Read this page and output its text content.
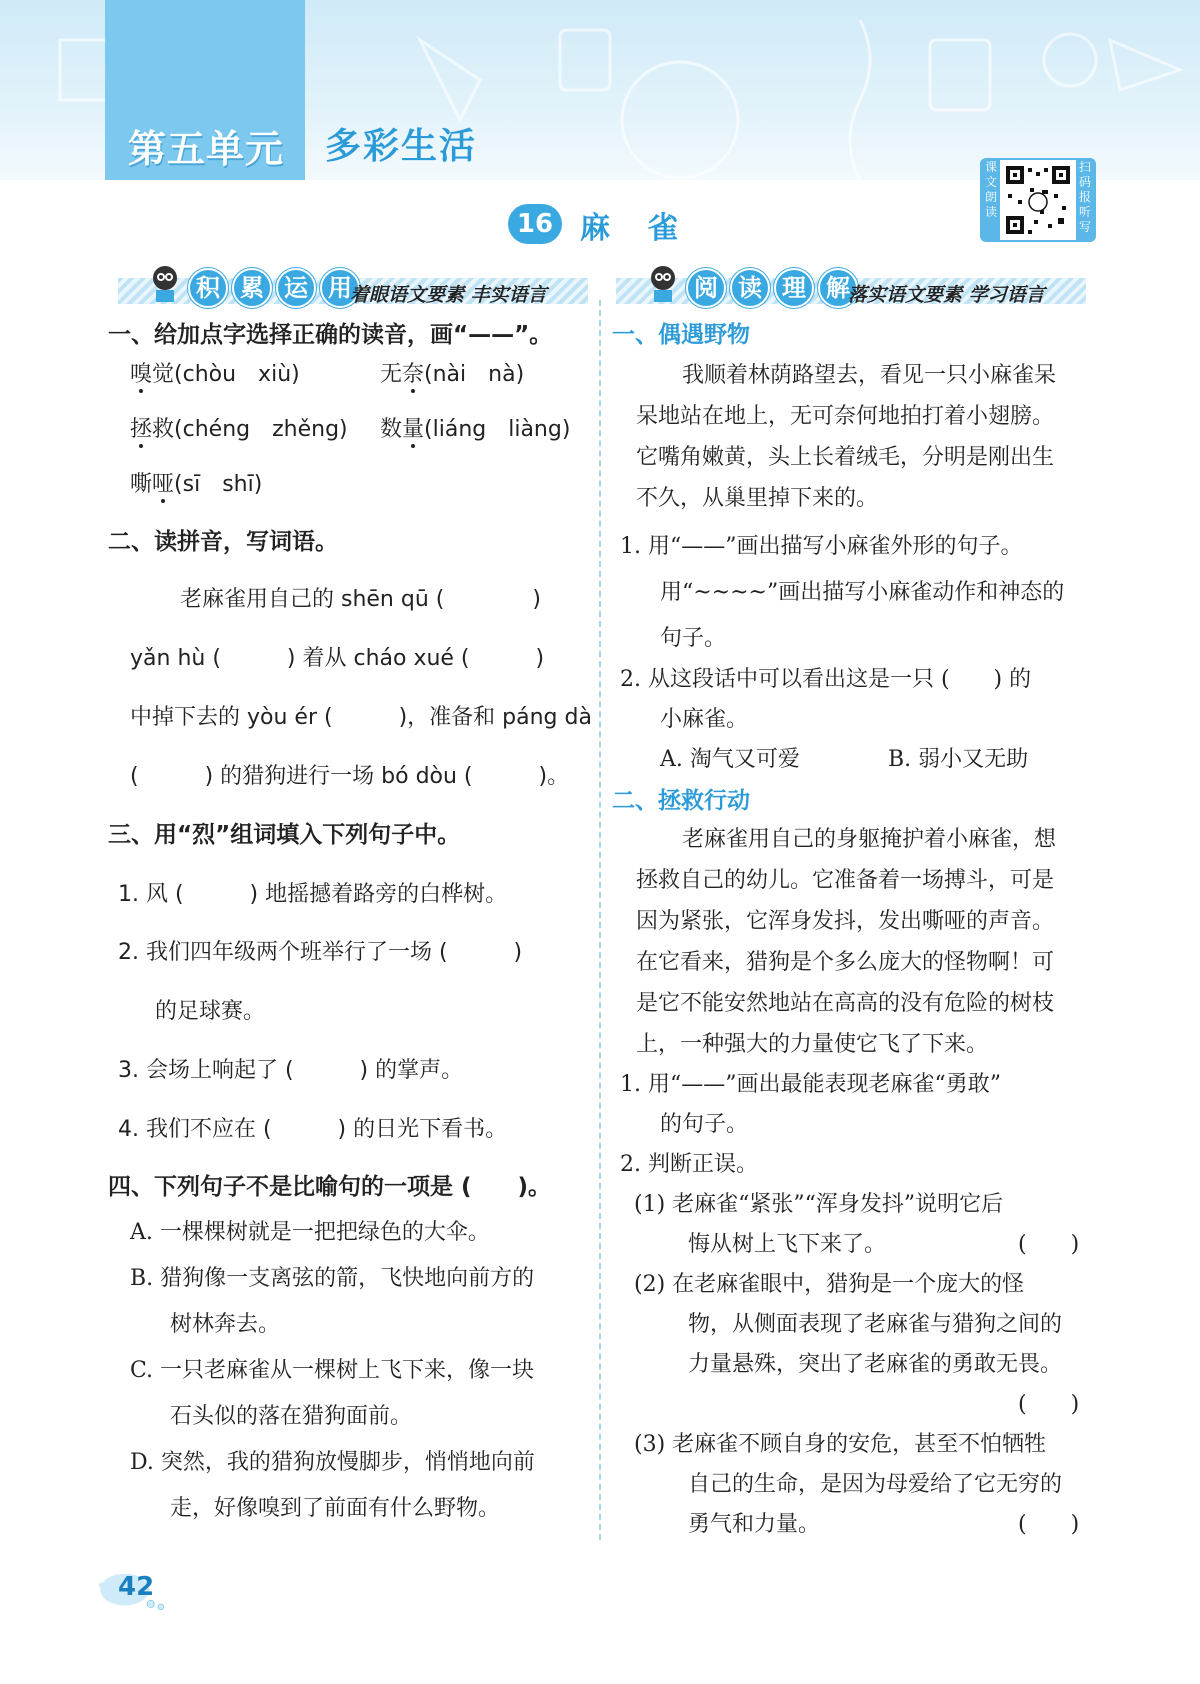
第五单元 多彩生活	课文朗读
扫码报听写
16 麻雀
积 累 运 用
着眼语文要素 丰实语言	阅 读 理 解
落实语文要素 学习语言
一、给加点字选择正确的读音，画“——”。
嗅觉(chòu　xiù)	无奈(nài　nà)
拯救(chéng　zhěng) 数量(liáng　liàng)
嘶哑(sī　shī)
二、读拼音，写词语。
老麻雀用自己的 shēn qū (　　　　)
yǎn hù (　　　) 着从 cháo xué (　　　)
中掉下去的 yòu ér (　　　)，准备和 páng dà
(　　　) 的猎狗进行一场 bó dòu (　　　)。
三、用“烈”组词填入下列句子中。
1. 风 (　　　) 地摇撼着路旁的白桦树。
2. 我们四年级两个班举行了一场 (　　　)
的足球赛。
3. 会场上响起了 (　　　) 的掌声。
4. 我们不应在 (　　　) 的日光下看书。
四、下列句子不是比喻句的一项是 (　　)。
A. 一棵棵树就是一把把绿色的大伞。
B. 猎狗像一支离弦的箭，飞快地向前方的
树林奔去。
C. 一只老麻雀从一棵树上飞下来，像一块
石头似的落在猎狗面前。
D. 突然，我的猎狗放慢脚步，悄悄地向前
走，好像嗅到了前面有什么野物。
一、偶遇野物
我顺着林荫路望去，看见一只小麻雀呆
呆地站在地上，无可奈何地拍打着小翅膀。
它嘴角嫩黄，头上长着绒毛，分明是刚出生
不久，从巢里掉下来的。
1. 用“——”画出描写小麻雀外形的句子。
用“~~~~”画出描写小麻雀动作和神态的
句子。
2. 从这段话中可以看出这是一只 (　　) 的
小麻雀。
A. 淘气又可爱	B. 弱小又无助
二、拯救行动
老麻雀用自己的身躯掩护着小麻雀，想
拯救自己的幼儿。它准备着一场搏斗，可是
因为紧张，它浑身发抖，发出嘶哑的声音。
在它看来，猎狗是个多么庞大的怪物啊！可
是它不能安然地站在高高的没有危险的树枝
上，一种强大的力量使它飞了下来。
1. 用“——”画出最能表现老麻雀“勇敢”
的句子。
2. 判断正误。
(1) 老麻雀“紧张”“浑身发抖”说明它后
悔从树上飞下来了。	(　　)
(2) 在老麻雀眼中，猎狗是一个庞大的怪
物，从侧面表现了老麻雀与猎狗之间的
力量悬殊，突出了老麻雀的勇敢无畏。
(　　)
(3) 老麻雀不顾自身的安危，甚至不怕牺牲
自己的生命，是因为母爱给了它无穷的
勇气和力量。	(　　)
42
